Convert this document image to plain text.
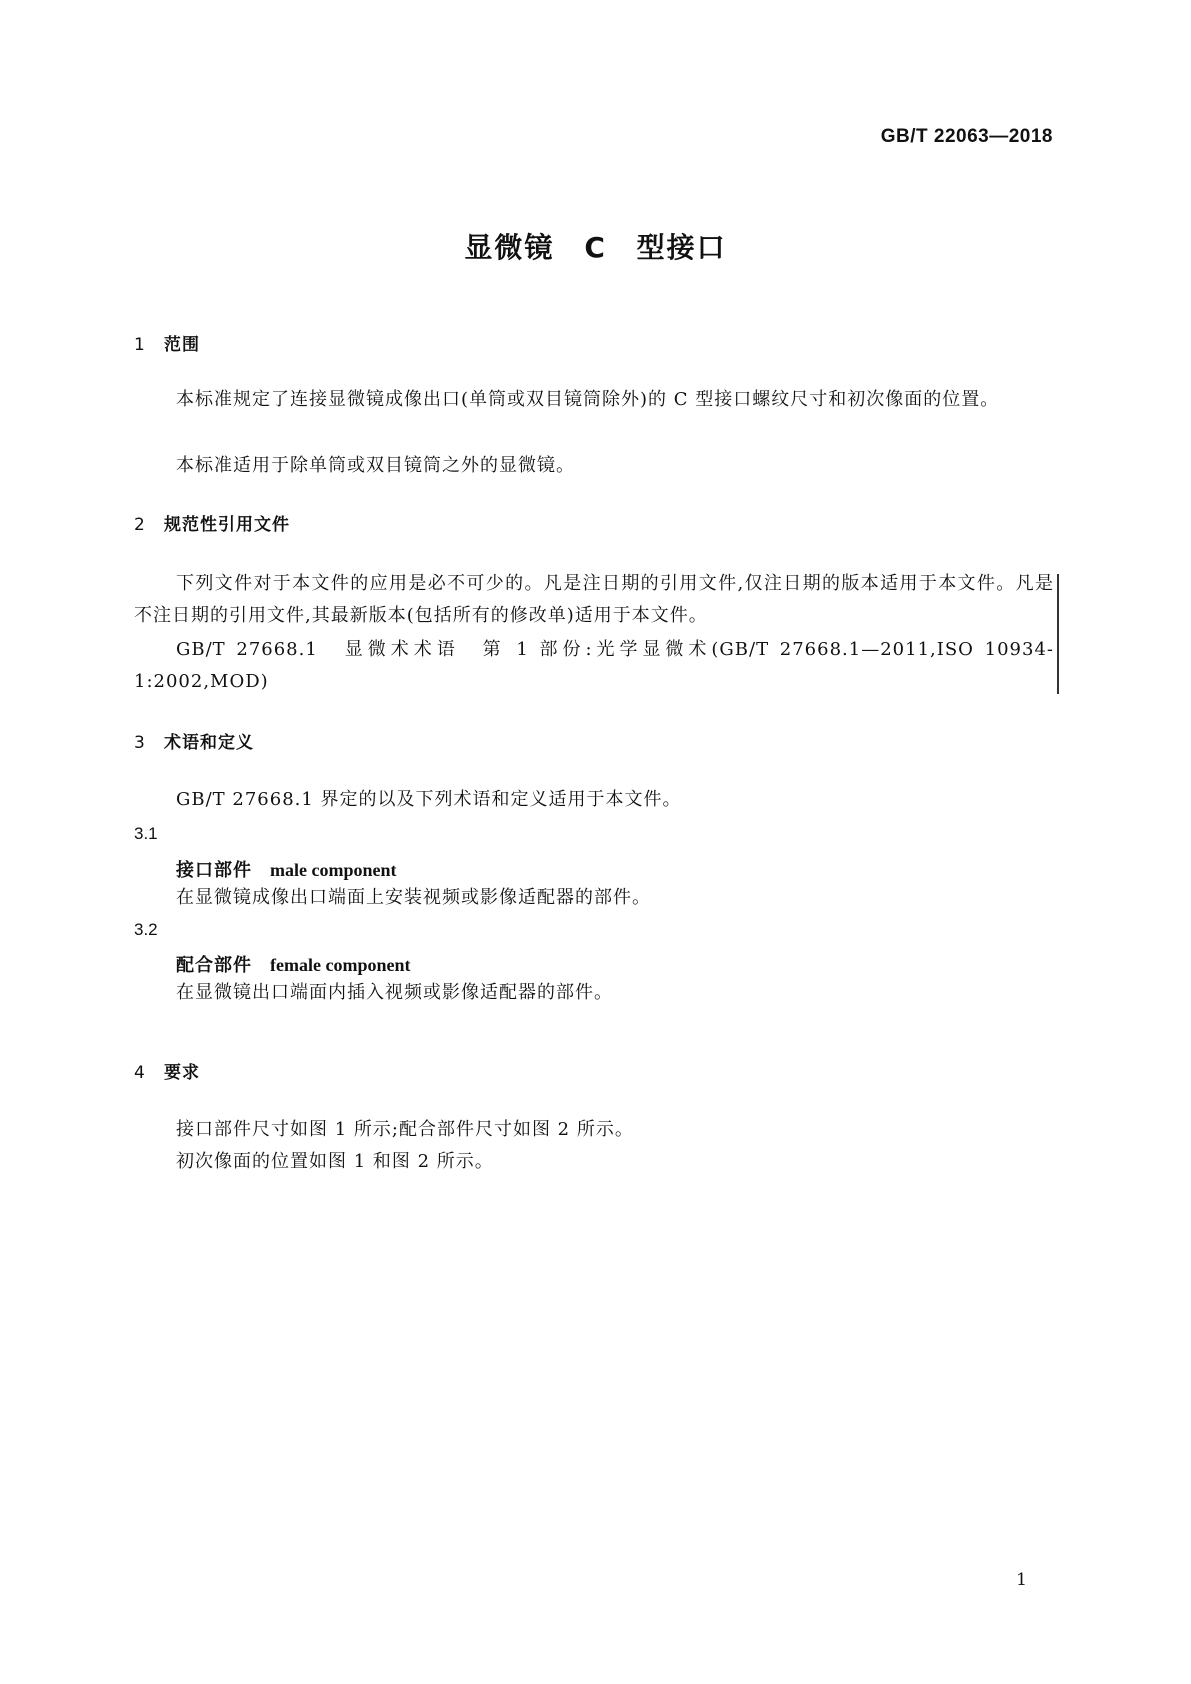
GB/T 22063—2018
显微镜　C 型接口
1 范围
本标准规定了连接显微镜成像出口(单筒或双目镜筒除外)的 C 型接口螺纹尺寸和初次像面的位置。
本标准适用于除单筒或双目镜筒之外的显微镜。
2 规范性引用文件
下列文件对于本文件的应用是必不可少的。凡是注日期的引用文件,仅注日期的版本适用于本文件。凡是不注日期的引用文件,其最新版本(包括所有的修改单)适用于本文件。
GB/T 27668.1　显微术术语　第 1 部份:光学显微术(GB/T 27668.1—2011,ISO 10934-1:2002,MOD)
3 术语和定义
GB/T 27668.1 界定的以及下列术语和定义适用于本文件。
3.1
接口部件 male component
在显微镜成像出口端面上安装视频或影像适配器的部件。
3.2
配合部件 female component
在显微镜出口端面内插入视频或影像适配器的部件。
4 要求
接口部件尺寸如图 1 所示;配合部件尺寸如图 2 所示。
初次像面的位置如图 1 和图 2 所示。
1
